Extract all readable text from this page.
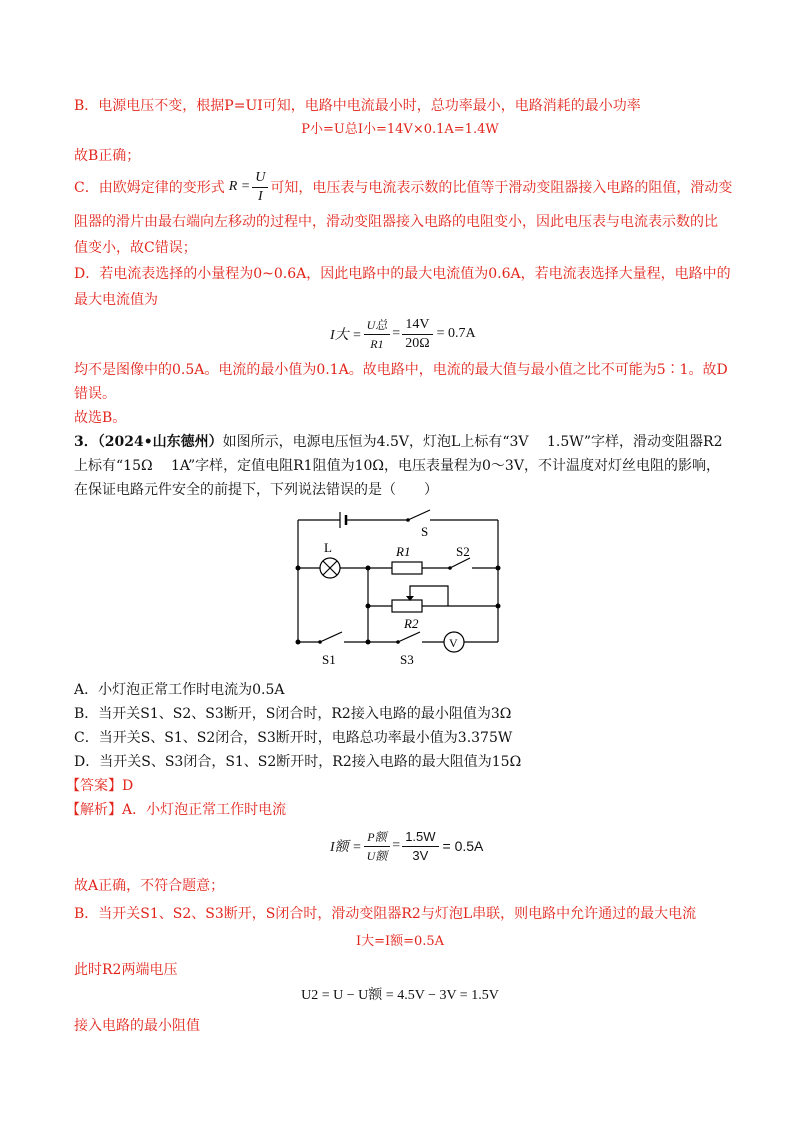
B．电源电压不变，根据P=UI可知，电路中电流最小时，总功率最小，电路消耗的最小功率
P小=U总I小=14V×0.1A=1.4W
故B正确；
C．由欧姆定律的变形式 $R = \frac{U}{I}$ 可知，电压表与电流表示数的比值等于滑动变阻器接入电路的阻值，滑动变
阻器的滑片由最右端向左移动的过程中，滑动变阻器接入电路的电阻变小，因此电压表与电流表示数的比
值变小，故C错误；
D．若电流表选择的小量程为0~0.6A，因此电路中的最大电流值为0.6A，若电流表选择大量程，电路中的
最大电流值为
I大 = $\frac{\text{U总}}{R1} = \frac{14V}{20\Omega} = 0.7A$
均不是图像中的0.5A。电流的最小值为0.1A。故电路中，电流的最大值与最小值之比不可能为5∶1。故D
错误。
故选B。
3．（2024•山东德州）如图所示，电源电压恒为4.5V，灯泡L上标有“3V　 1.5W”字样，滑动变阻器R2
上标有“15Ω　 1A”字样，定值电阻R1阻值为10Ω，电压表量程为0～3V，不计温度对灯丝电阻的影响，
在保证电路元件安全的前提下，下列说法错误的是（　　）
S
L	R1	S2
R2
V
S1	S3
A．小灯泡正常工作时电流为0.5A
B．当开关S1、S2、S3断开，S闭合时，R2接入电路的最小阻值为3Ω
C．当开关S、S1、S2闭合，S3断开时，电路总功率最小值为3.375W
D．当开关S、S3闭合，S1、S2断开时，R2接入电路的最大阻值为15Ω
【答案】D
【解析】A．小灯泡正常工作时电流
I额 = $\frac{\text{P额}}{\text{U额}} = \frac{1.5W}{3V} = 0.5A$
故A正确，不符合题意；
B．当开关S1、S2、S3断开，S闭合时，滑动变阻器R2与灯泡L串联，则电路中允许通过的最大电流
I大=I额=0.5A
此时R2两端电压
U2 = U − U额 = 4.5V − 3V = 1.5V
接入电路的最小阻值
